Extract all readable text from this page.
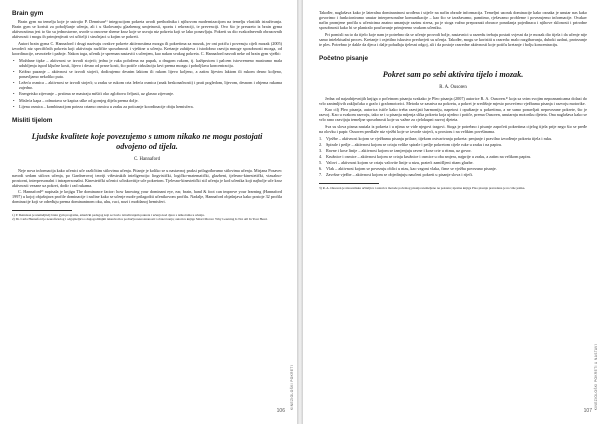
Brain gym

Brain gym na temelju koje je ustrojio P. Dennison¹⁾ integracijom pokreta uvodi prethodnika i njihovom modernizacijom na temelju vlastitih istraživanja. Brain gym se koristi za poboljšanje učenja, ali i u školovanju glazbenog umjetnosti, sportu i rekreaciji, te prevenciji. Ovo što je preuzeto iz brain gyma aktivnostima jest to što su jednostavne, uvode u osnovne sheme kroz koje se usvaja niz pokreta koji se lako ponavljaju. Pokreti su dio svakodnevnih obrazovnih aktivnosti i mogu ih primjenjivati svi učitelji i stručnjaci u kojim se pokreti.

Autori brain gyma C. Hannaford i drugi nazivaju ovakve pokrete aktivnostima mozga ili pokretima za mozak, jer oni potiču i povezuju cijeli mozak (2005) izvodeći niz specifičnih pokreta koji aktiviraju različite sposobnosti i vještine u učenju. Kretanje zahtijeva i istodobno razvija mnoge sposobnosti mozga, od koordinacije, ravnoteže i pažnje. Nakon toga, učenik je spreman nastaviti s učenjem, kao nakon svakog pokreta. C. Hannaford navodi neke od brain gym vježbi:

• Moždane tipke – aktivnost se izvodi stojeći; jedna je ruka položena na pupak, a drugom rukom, tj. kažiprstom i palcem istovremeno masiramo mala udubljenja ispod ključne kosti, lijevo i desno od prsne kosti, što potiče cirkulaciju krvi prema mozgu i poboljšava koncentraciju.
• Križno puzanje – aktivnost se izvodi stojeći, dodirujemo desnim laktom ili rukom lijevo koljeno, a zatim lijevim laktom ili rukom desno koljeno, ponavljamo nekoliko puta.
• Ležeća osmica – aktivnost se izvodi stojeći; u zraku se rukom crta ležeća osmica (znak beskonačnosti) i prati pogledom, lijevom, desnom i objema rukama zajedno.
• Energetsko zijevanje – prstima se masiraju mišići oko zglobova čeljusti, uz glasno zijevanje.
• Misleća kapa – odmotava se kapica uške od gornjeg dijela prema dolje.
• Lijena osmica – kombinacijom poteza crtamo osmicu u zraku za poticanje koordinacije obiju hemisfera.
Misliti tijelom
Ljudske kvalitete koje povezujemo s umom nikako ne mogu postojati odvojeno od tijela.
C. Hannaford

Neje nova informacija kako učenici uče različitim stilovima učenja. Pitanje je koliko se u nastavnoj praksi prilagođavamo stilovima učenja. Mirjana Posavec navodi sedam stilova učenja, po Gardnerovoj teoriji višestrukih inteligencija: lingvistički, logičko-matematički, glazbeni, tjelesno-kinestetički, vizualno-prostorni, interpersonalni i intrapersonalni. Kinestetički učenici učinkovitije uče pokretom. Tjelesno-kinestetički stil učenja je kod učenika koji najbolje uče kroz aktivnosti vezane uz pokret, dodir i rad rukama.

C. Hannaford²⁾ napisala je knjigu The dominance factor: how knowing your dominant eye, ear, brain, hand & foot can improve your learning (Hannaford 1997) u kojoj objašnjava profile dominacije i načine kako se učenje može prilagoditi učenikovom profilu. Nadalje, Hannaford objašnjava kako postoje 32 profila dominacije koji se određuju prema dominantnom oku, uhu, ruci, nozi i moždanoj hemisferi.

1) P. Dennison je utemeljitelj brain gym programa, američki pedagog koji se bavio istraživanjem pokreta i učenja kod djece s teškoćama u učenju.

2) Dr. Carla Hannaford je neurofiziolog i odgojiteljica s dugogodišnjim iskustvom u području neuroznanosti i obrazovanja; autorica knjige Smart Moves: Why Learning Is Not All In Your Head.

KINEZIOLOŠKI POKRETI
106

Također, naglašava kako je lateralna dominantnost urođena i utječe na način obrade informacija. Temeljni uzorak dominacije kako oznaka je unutar nas kako govorimo i funkcioniramo unutar interpersonalne komunikacije – kao što se izražavamo, pamtimo, rješavamo probleme i povezujemo informacije. Ovakav način promjene profila u učenicima znatno umanjuje razinu stresa, pa je stoga važno prepoznati obrasce ponašanja pojedinaca i njihove sklonosti i prirodne sposobnosti kako bi se planiralo poučavanje primjereno svakom učeniku.

Pri pomisli na to da tijelo koje nam je potrebno da se učenje provodi bolje, nastavnici u razredu trebaju postati svjesni da je mozak dio tijela i da učenje nije samo intelektualni proces. Kretanje i osjetilno iskustvo preduvjeti su učenja. Također, mogu se koristiti u razredu: malo razgibavanja, duboki uzdasi, protezanje te ples. Potrebno je dakle da djeca i dalje pohađaju tjelesni odgoj, ali i da postoje razredne aktivnosti koje potiču kretanje i bolju koncentraciju.

Početno pisanje
Pokret sam po sebi aktivira tijelo i mozak.
R. A. Ousoren

Jedna od najzahtjevnijih knjiga o početnom pisanju svakako je Pleo pisanja (2007) autorice R. A. Ousoren.³⁾ koja sa svim svojim nepoznanicama dolazi do vrlo zanimljivih zaključaka o grafo i grafomotorici. Metoda se zasniva na pokretu, a pokret je središnje mjesto posvećeno vježbama pisanja i razvoju motorike.

Kao cilj Pleo pisanja, autorica ističe kako treba razvijati harmoniju, napetost i opuštanje u pokretima, a ne samo ponavljati nepovezane pokrete, što je razvoj. Kao u svakom razvoju, tako se i u pisanju mijenja slika pokreta koja ujedno i potiče, prema Ousoren, unutarnju motoriku djeteta. Ona naglašava kako se vrlo rano razvijaju temeljne sposobnosti koje su važne za cjelokupni razvoj djeteta.

Sva su slova pisma nastala iz pokreta i u njima se vide njegovi tragovi. Stoga je potrebno i pisanje započeti pokretima cijelog tijela prije nego što se pređe na olovku i papir. Ousoren predlaže niz vježbi koje se izvode stojeći, u prostoru i na velikim površinama.

1. Vježbe – aktivnost kojom se vježbama pisanju prilaze, tijekom ostvarivanja pokreta: penjanje i pravilno izvođenje pokreta tijela i ruku.
2. Spirale i petlje – aktivnost kojom se crtaju velike spirale i petlje pokretom cijele ruke u zraku i na papiru.
3. Ravne i kose linije – aktivnost kojom se izmjenjuju ravne i kose crte u ritmu, uz govor.
4. Kružnice i osmice – aktivnost kojom se crtaju kružnice i osmice u oba smjera, najprije u zraku, a zatim na velikom papiru.
5. Valovi – aktivnost kojom se crtaju valovite linije u nizu, prateći zamišljeni ritam glazbe.
6. Vlak – aktivnost kojom se povezuju oblici u nizu, kao vagoni vlaka, čime se vježba povezano pisanje.
7. Završne vježbe – aktivnost kojom se objedinjuju naučeni pokreti u pisanje slova i riječi.

3) R. A. Ousoren je nizozemska učiteljica i autorica metode početnog pisanja utemeljene na pokretu; njezina knjiga Pleo pisanja prevedena je na više jezika.

KINEZIOLOŠKI POKRETI U NASTAVI
107
